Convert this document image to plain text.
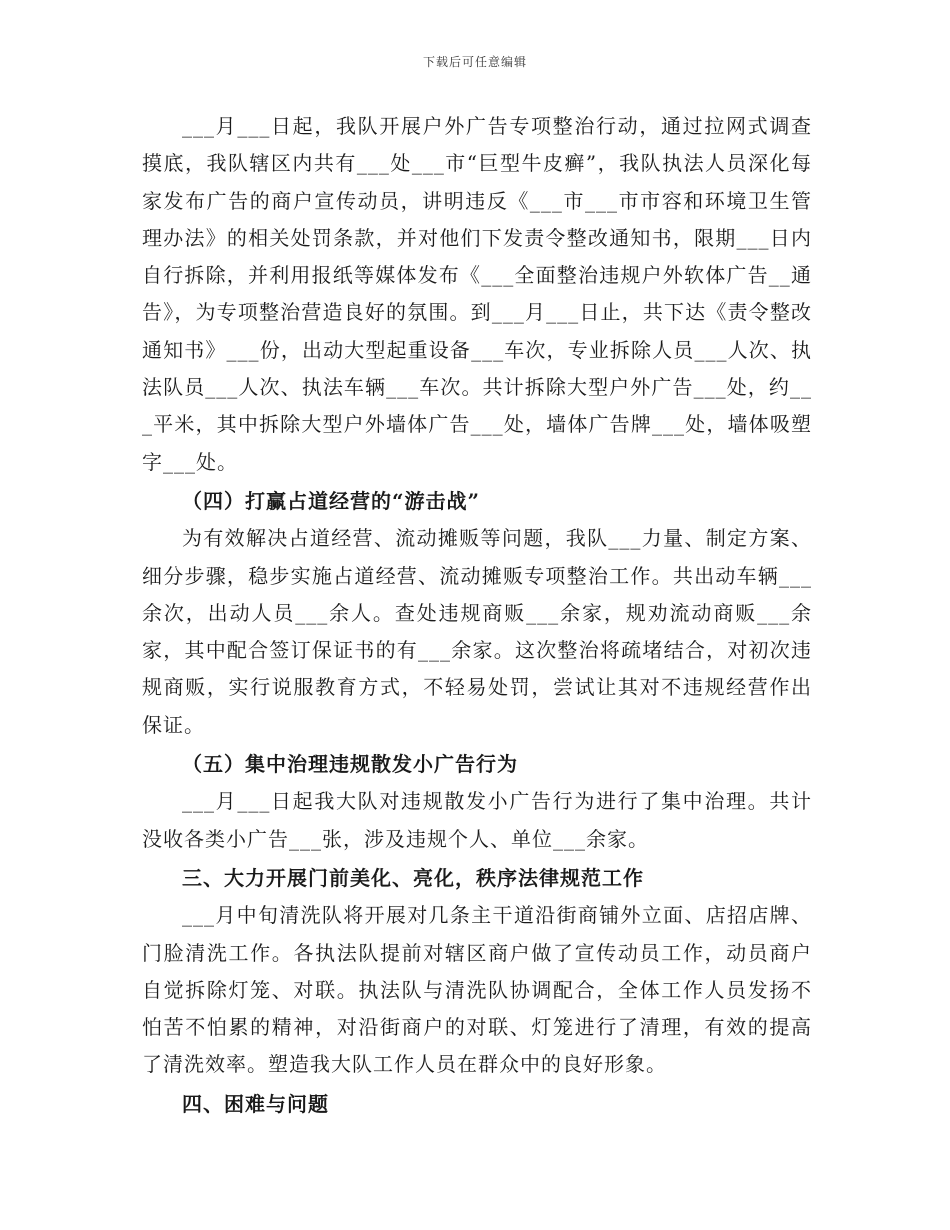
下载后可任意编辑

___月___日起，我队开展户外广告专项整治行动，通过拉网式调查摸底，我队辖区内共有___处___市“巨型牛皮癣”，我队执法人员深化每家发布广告的商户宣传动员，讲明违反《___市___市市容和环境卫生管理办法》的相关处罚条款，并对他们下发责令整改通知书，限期___日内自行拆除，并利用报纸等媒体发布《___全面整治违规户外软体广告__通告》，为专项整治营造良好的氛围。到___月___日止，共下达《责令整改通知书》___份，出动大型起重设备___车次，专业拆除人员___人次、执法队员___人次、执法车辆___车次。共计拆除大型户外广告___处，约___平米，其中拆除大型户外墙体广告___处，墙体广告牌___处，墙体吸塑字___处。

（四）打赢占道经营的“游击战”

为有效解决占道经营、流动摊贩等问题，我队___力量、制定方案、细分步骤，稳步实施占道经营、流动摊贩专项整治工作。共出动车辆___余次，出动人员___余人。查处违规商贩___余家，规劝流动商贩___余家，其中配合签订保证书的有___余家。这次整治将疏堵结合，对初次违规商贩，实行说服教育方式，不轻易处罚，尝试让其对不违规经营作出保证。

（五）集中治理违规散发小广告行为

___月___日起我大队对违规散发小广告行为进行了集中治理。共计没收各类小广告___张，涉及违规个人、单位___余家。

三、大力开展门前美化、亮化，秩序法律规范工作

___月中旬清洗队将开展对几条主干道沿街商铺外立面、店招店牌、门脸清洗工作。各执法队提前对辖区商户做了宣传动员工作，动员商户自觉拆除灯笼、对联。执法队与清洗队协调配合，全体工作人员发扬不怕苦不怕累的精神，对沿街商户的对联、灯笼进行了清理，有效的提高了清洗效率。塑造我大队工作人员在群众中的良好形象。

四、困难与问题
